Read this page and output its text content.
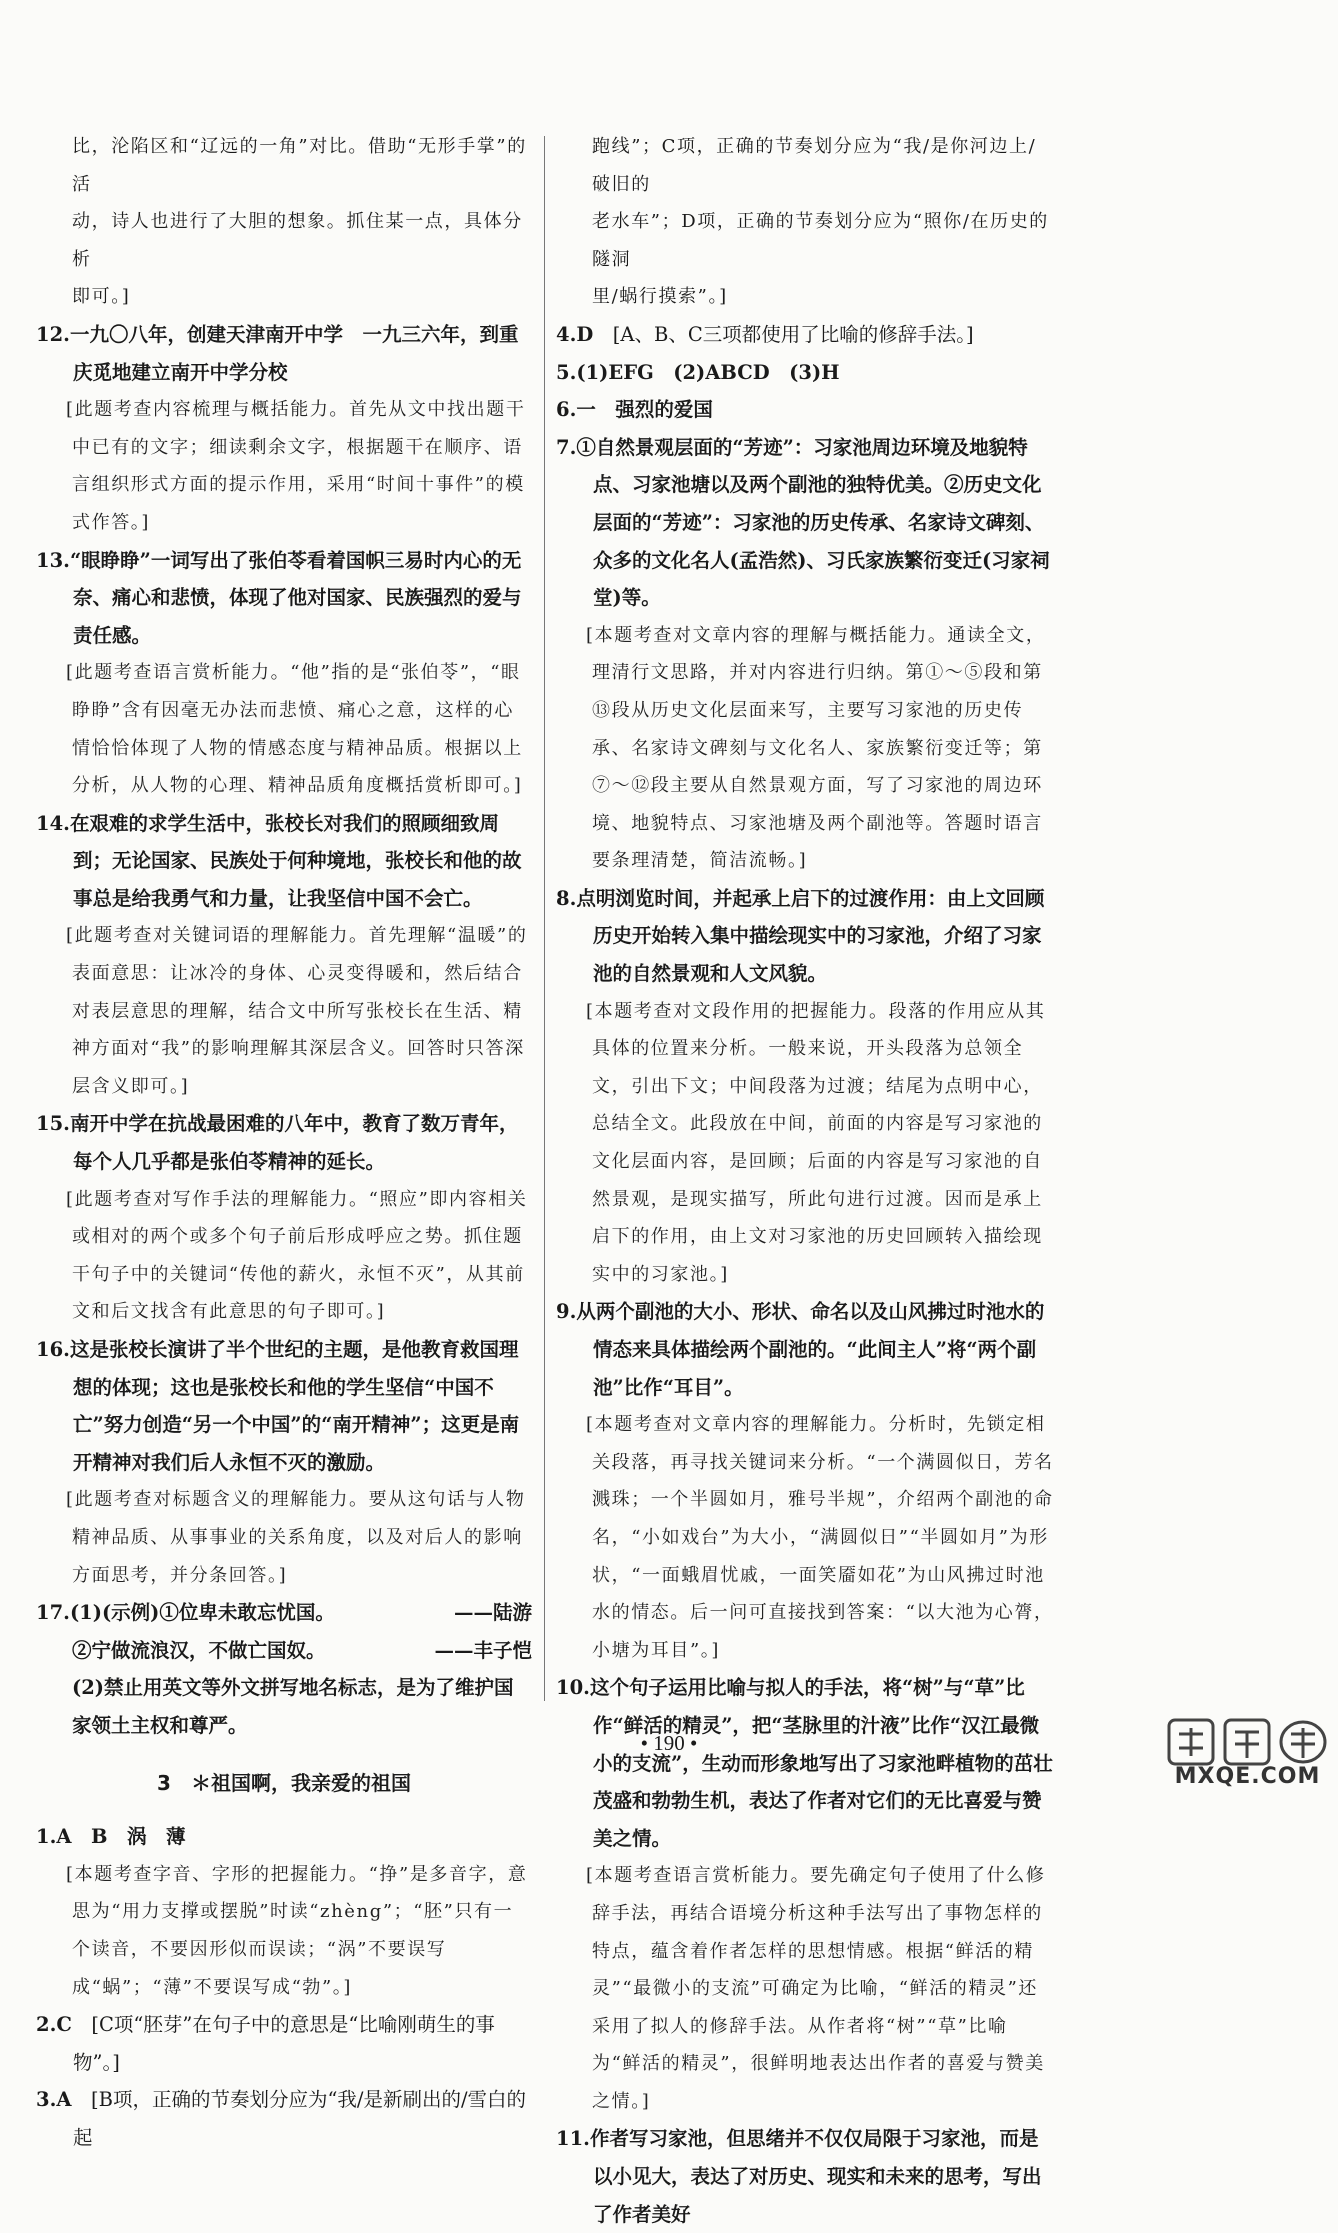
比，沦陷区和“辽远的一角”对比。借助“无形手掌”的活

动，诗人也进行了大胆的想象。抓住某一点，具体分析

即可。]

12.一九〇八年，创建天津南开中学　一九三六年，到重庆觅地建立南开中学分校

[此题考查内容梳理与概括能力。首先从文中找出题干中已有的文字；细读剩余文字，根据题干在顺序、语言组织形式方面的提示作用，采用“时间十事件”的模式作答。]

13.“眼睁睁”一词写出了张伯苓看着国帜三易时内心的无奈、痛心和悲愤，体现了他对国家、民族强烈的爱与责任感。

[此题考查语言赏析能力。“他”指的是“张伯苓”，“眼睁睁”含有因毫无办法而悲愤、痛心之意，这样的心情恰恰体现了人物的情感态度与精神品质。根据以上分析，从人物的心理、精神品质角度概括赏析即可。]

14.在艰难的求学生活中，张校长对我们的照顾细致周到；无论国家、民族处于何种境地，张校长和他的故事总是给我勇气和力量，让我坚信中国不会亡。

[此题考查对关键词语的理解能力。首先理解“温暖”的表面意思：让冰冷的身体、心灵变得暖和，然后结合对表层意思的理解，结合文中所写张校长在生活、精神方面对“我”的影响理解其深层含义。回答时只答深层含义即可。]

15.南开中学在抗战最困难的八年中，教育了数万青年，每个人几乎都是张伯苓精神的延长。

[此题考查对写作手法的理解能力。“照应”即内容相关或相对的两个或多个句子前后形成呼应之势。抓住题干句子中的关键词“传他的薪火，永恒不灭”，从其前文和后文找含有此意思的句子即可。]

16.这是张校长演讲了半个世纪的主题，是他教育救国理想的体现；这也是张校长和他的学生坚信“中国不亡”努力创造“另一个中国”的“南开精神”；这更是南开精神对我们后人永恒不灭的激励。

[此题考查对标题含义的理解能力。要从这句话与人物精神品质、从事事业的关系角度，以及对后人的影响方面思考，并分条回答。]

17.(1)(示例)①位卑未敢忘忧国。	——陆游

②宁做流浪汉，不做亡国奴。	——丰子恺

(2)禁止用英文等外文拼写地名标志，是为了维护国家领土主权和尊严。

3　＊祖国啊，我亲爱的祖国

1.A　B　涡　薄

[本题考查字音、字形的把握能力。“挣”是多音字，意思为“用力支撑或摆脱”时读“zhèng”；“胚”只有一个读音，不要因形似而误读；“涡”不要误写成“蜗”；“薄”不要误写成“勃”。]

2.C　 [C项“胚芽”在句子中的意思是“比喻刚萌生的事物”。]

3.A　 [B项，正确的节奏划分应为“我/是新刷出的/雪白的起

跑线”；C项，正确的节奏划分应为“我/是你河边上/破旧的

老水车”；D项，正确的节奏划分应为“照你/在历史的隧洞

里/蜗行摸索”。]

4.D　 [A、B、C三项都使用了比喻的修辞手法。]

5.(1)EFG　(2)ABCD　(3)H

6.一　强烈的爱国

7.①自然景观层面的“芳迹”：习家池周边环境及地貌特点、习家池塘以及两个副池的独特优美。②历史文化层面的“芳迹”：习家池的历史传承、名家诗文碑刻、众多的文化名人(孟浩然)、习氏家族繁衍变迁(习家祠堂)等。

[本题考查对文章内容的理解与概括能力。通读全文，理清行文思路，并对内容进行归纳。第①～⑤段和第⑬段从历史文化层面来写，主要写习家池的历史传承、名家诗文碑刻与文化名人、家族繁衍变迁等；第⑦～⑫段主要从自然景观方面，写了习家池的周边环境、地貌特点、习家池塘及两个副池等。答题时语言要条理清楚，简洁流畅。]

8.点明浏览时间，并起承上启下的过渡作用：由上文回顾历史开始转入集中描绘现实中的习家池，介绍了习家池的自然景观和人文风貌。

[本题考查对文段作用的把握能力。段落的作用应从其具体的位置来分析。一般来说，开头段落为总领全文，引出下文；中间段落为过渡；结尾为点明中心，总结全文。此段放在中间，前面的内容是写习家池的文化层面内容，是回顾；后面的内容是写习家池的自然景观，是现实描写，所此句进行过渡。因而是承上启下的作用，由上文对习家池的历史回顾转入描绘现实中的习家池。]

9.从两个副池的大小、形状、命名以及山风拂过时池水的情态来具体描绘两个副池的。“此间主人”将“两个副池”比作“耳目”。

[本题考查对文章内容的理解能力。分析时，先锁定相关段落，再寻找关键词来分析。“一个满圆似日，芳名溅珠；一个半圆如月，雅号半规”，介绍两个副池的命名，“小如戏台”为大小，“满圆似日”“半圆如月”为形状，“一面蛾眉忧戚，一面笑靥如花”为山风拂过时池水的情态。后一问可直接找到答案：“以大池为心膂，小塘为耳目”。]

10.这个句子运用比喻与拟人的手法，将“树”与“草”比作“鲜活的精灵”，把“茎脉里的汁液”比作“汉江最微小的支流”，生动而形象地写出了习家池畔植物的茁壮茂盛和勃勃生机，表达了作者对它们的无比喜爱与赞美之情。

[本题考查语言赏析能力。要先确定句子使用了什么修辞手法，再结合语境分析这种手法写出了事物怎样的特点，蕴含着作者怎样的思想情感。根据“鲜活的精灵”“最微小的支流”可确定为比喻，“鲜活的精灵”还采用了拟人的修辞手法。从作者将“树”“草”比喻为“鲜活的精灵”，很鲜明地表达出作者的喜爱与赞美之情。]

11.作者写习家池，但思绪并不仅仅局限于习家池，而是以小见大，表达了对历史、现实和未来的思考，写出了作者美好

• 190 •
MXQE.COM
